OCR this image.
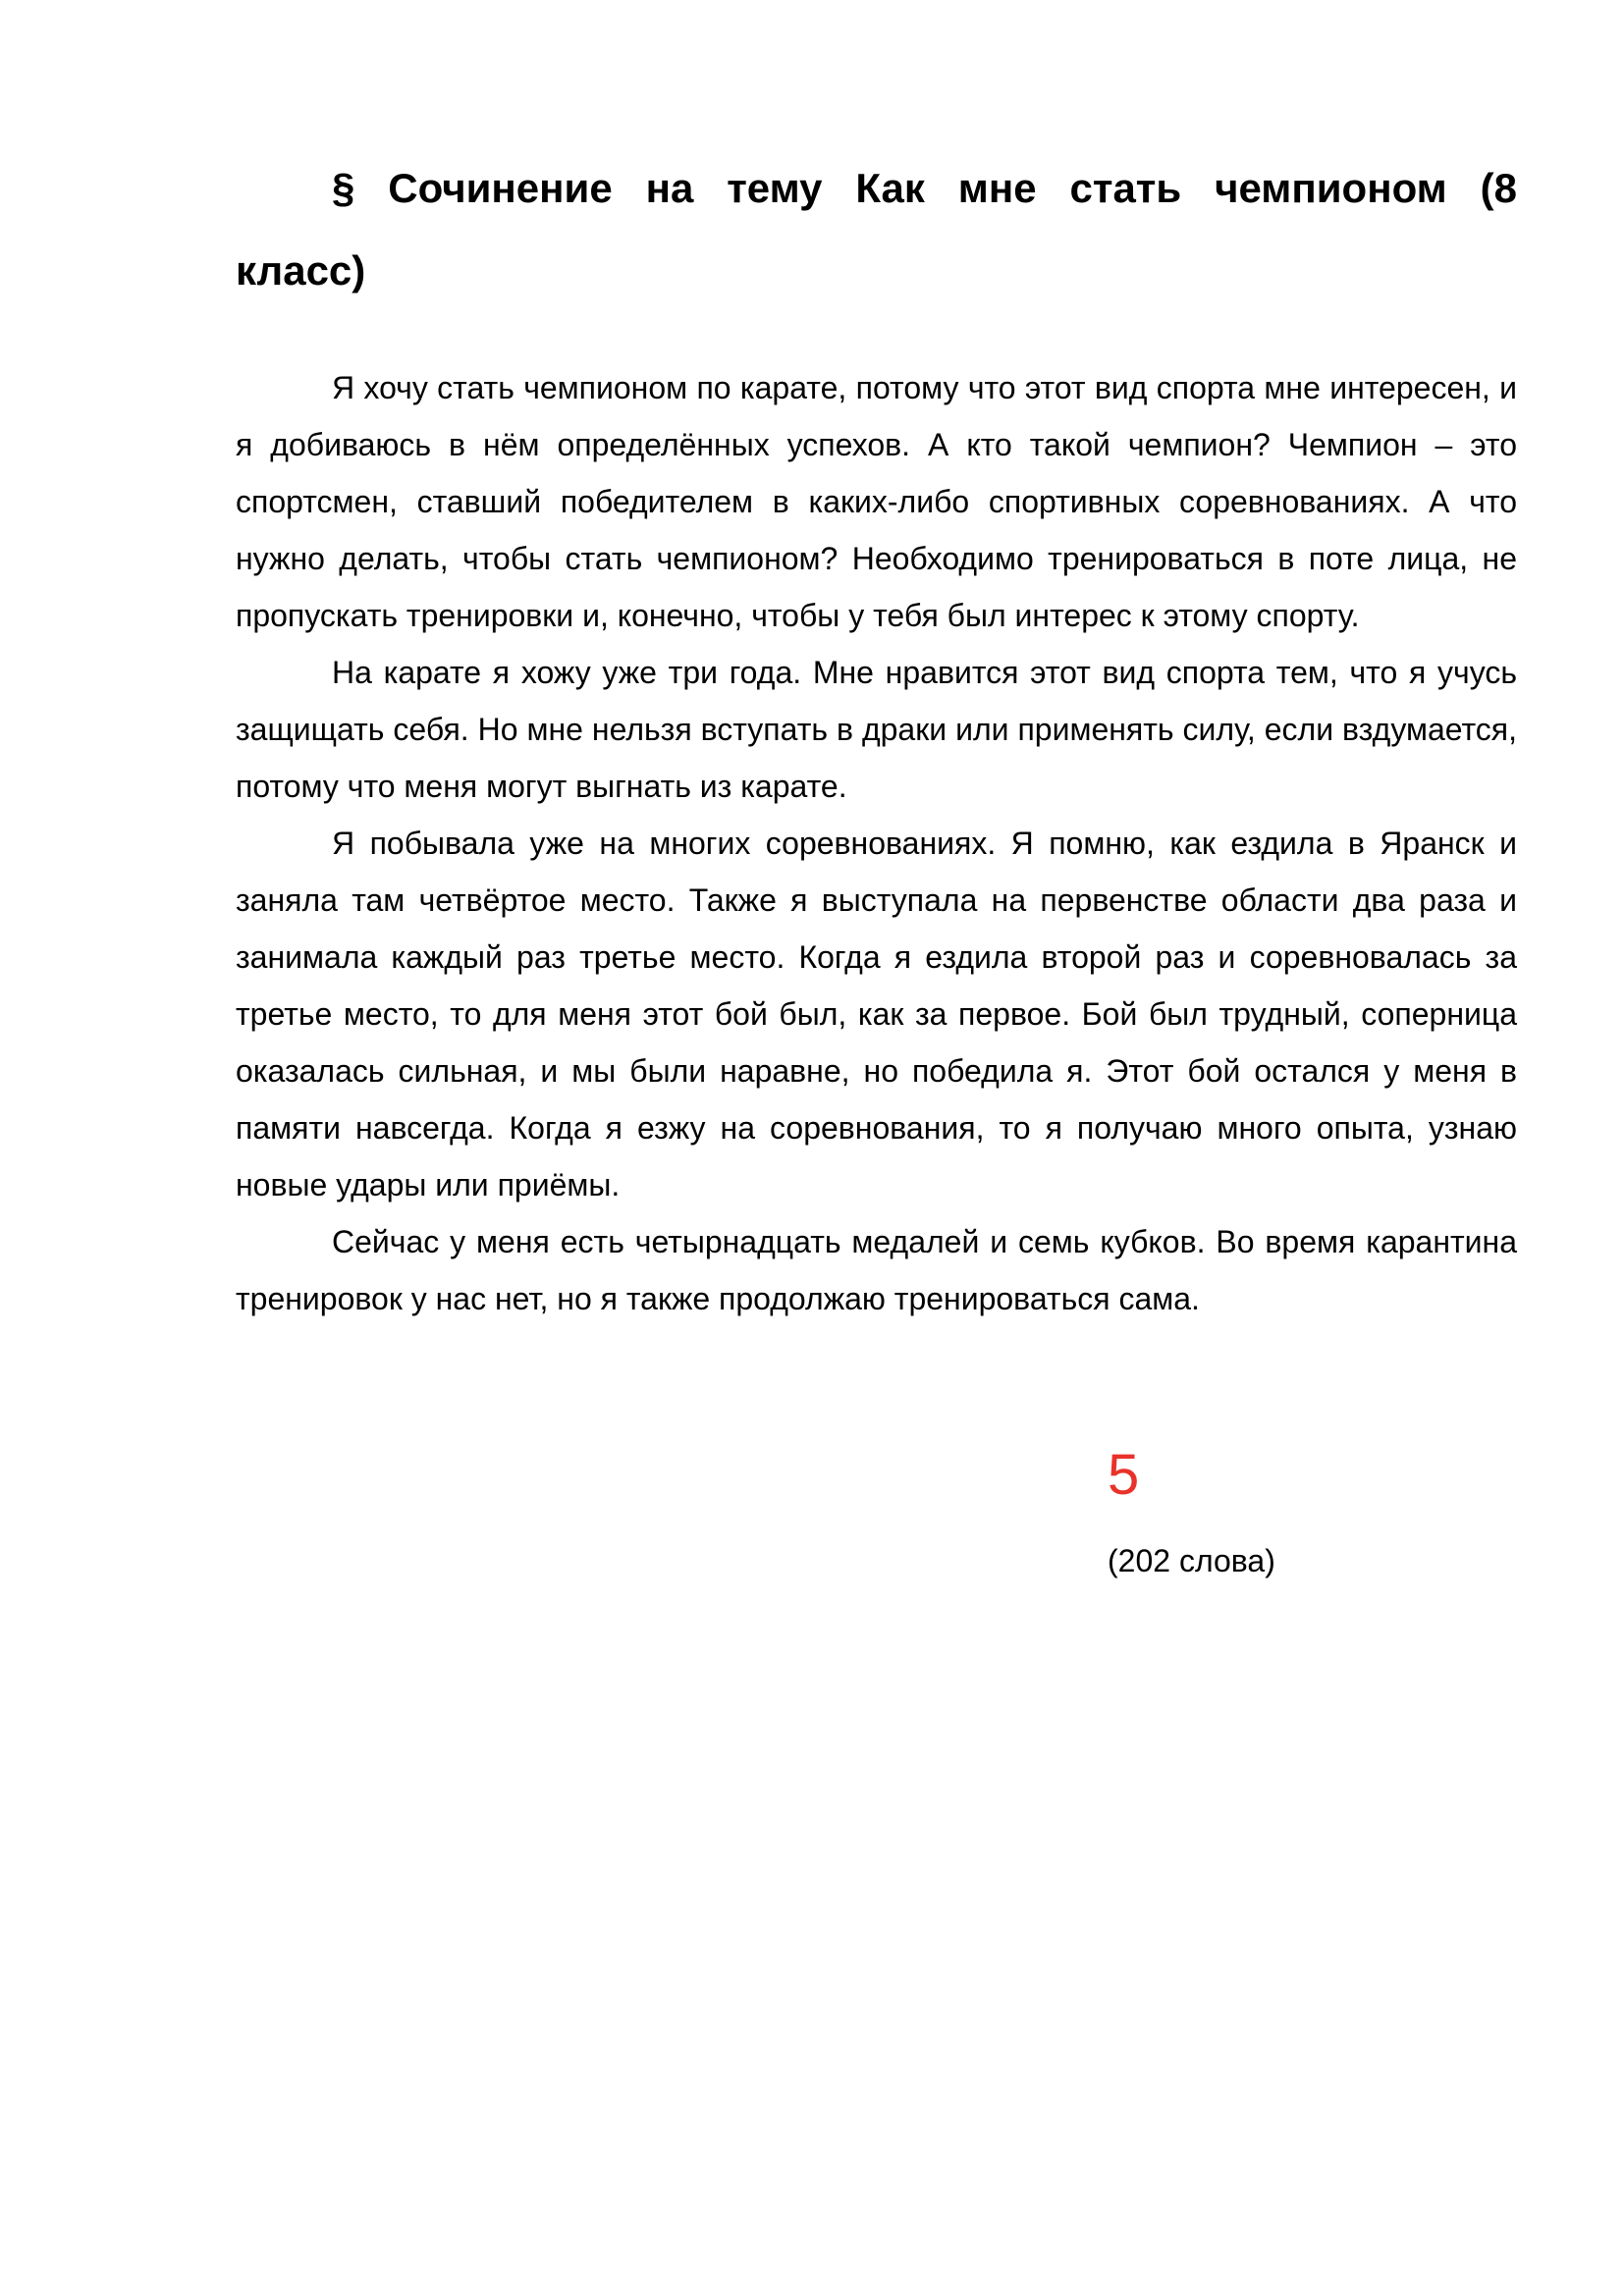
§ Сочинение на тему Как мне стать чемпионом (8 класс)

Я хочу стать чемпионом по карате, потому что этот вид спорта мне интересен, и я добиваюсь в нём определённых успехов. А кто такой чемпион? Чемпион – это спортсмен, ставший победителем в каких-либо спортивных соревнованиях. А что нужно делать, чтобы стать чемпионом? Необходимо тренироваться в поте лица, не пропускать тренировки и, конечно, чтобы у тебя был интерес к этому спорту.

На карате я хожу уже три года. Мне нравится этот вид спорта тем, что я учусь защищать себя. Но мне нельзя вступать в драки или применять силу, если вздумается, потому что меня могут выгнать из карате.

Я побывала уже на многих соревнованиях. Я помню, как ездила в Яранск и заняла там четвёртое место. Также я выступала на первенстве области два раза и занимала каждый раз третье место. Когда я ездила второй раз и соревновалась за третье место, то для меня этот бой был, как за первое. Бой был трудный, соперница оказалась сильная, и мы были наравне, но победила я. Этот бой остался у меня в памяти навсегда. Когда я езжу на соревнования, то я получаю много опыта, узнаю новые удары или приёмы.

Сейчас у меня есть четырнадцать медалей и семь кубков. Во время карантина тренировок у нас нет, но я также продолжаю тренироваться сама.

5
(202 слова)
